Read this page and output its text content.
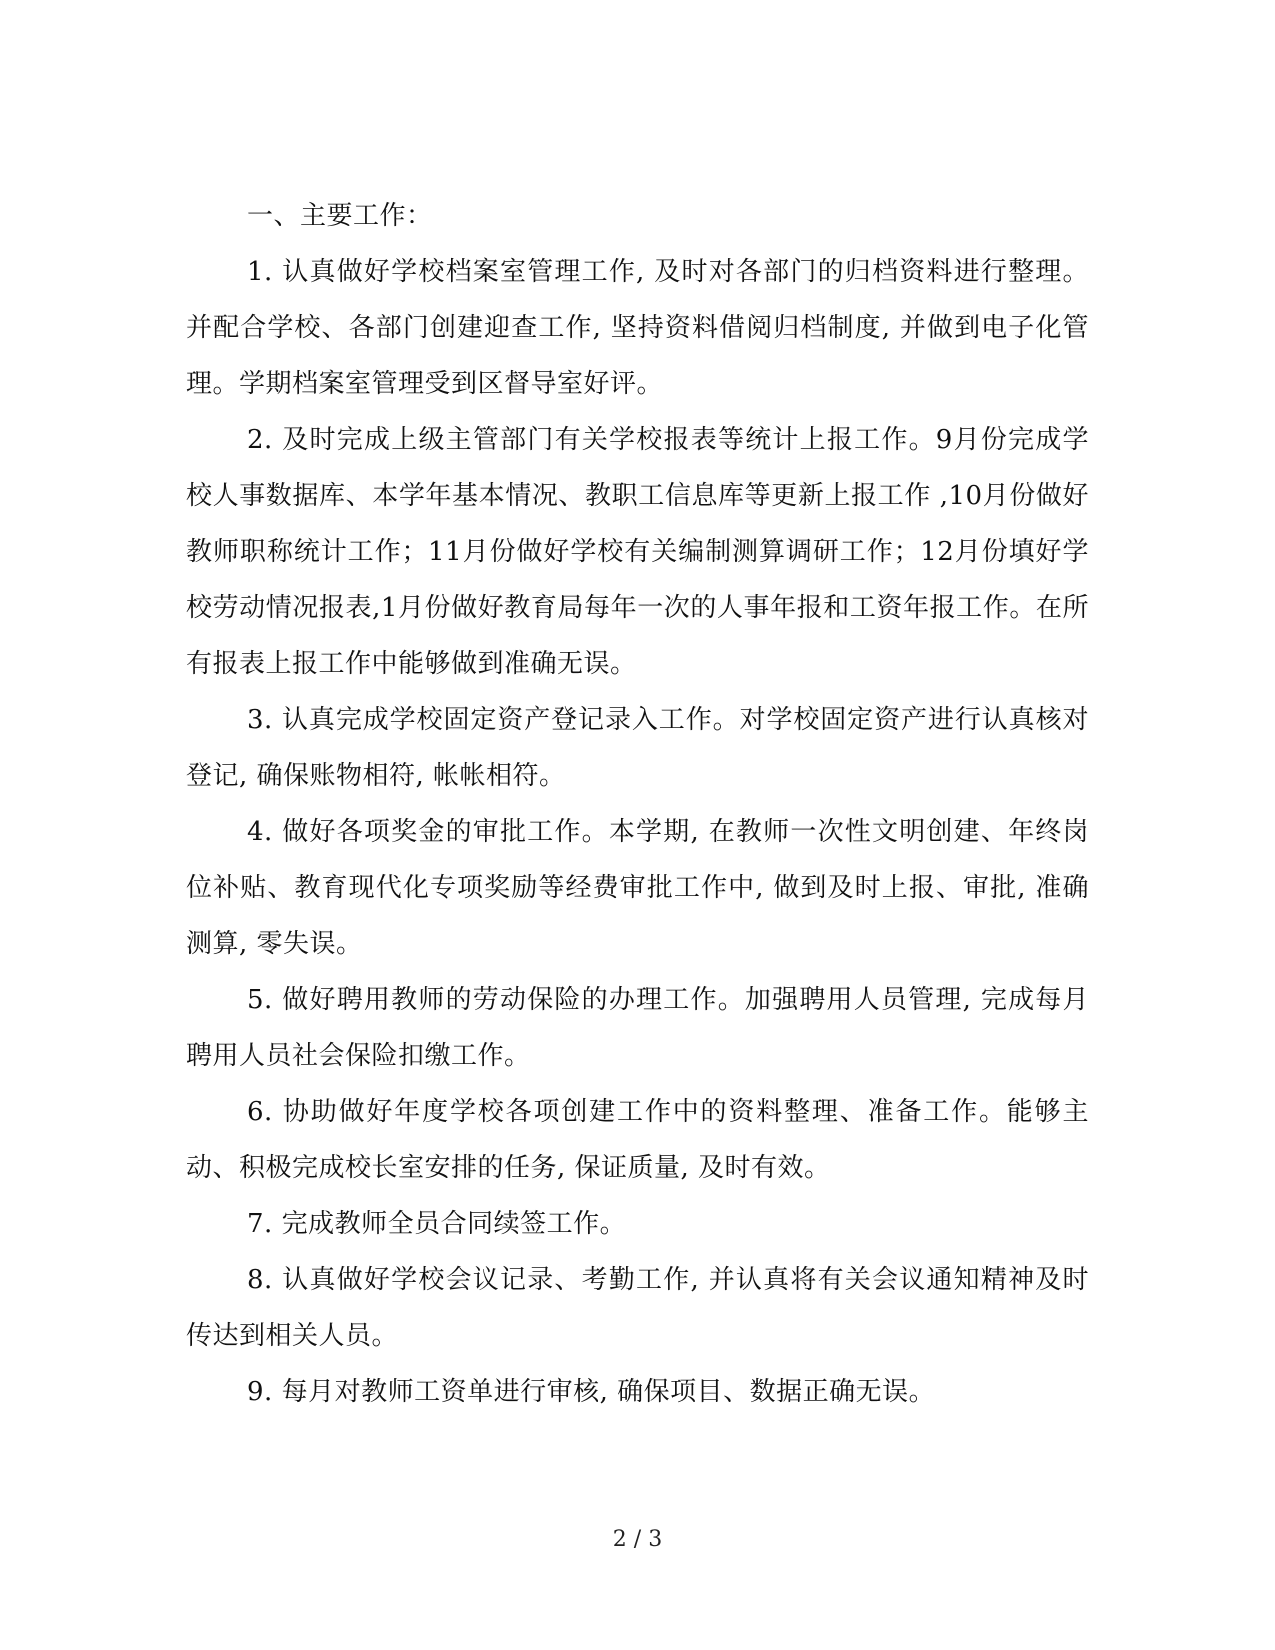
一、主要工作：

1. 认真做好学校档案室管理工作, 及时对各部门的归档资料进行整理。并配合学校、各部门创建迎查工作, 坚持资料借阅归档制度, 并做到电子化管理。学期档案室管理受到区督导室好评。

2. 及时完成上级主管部门有关学校报表等统计上报工作。9月份完成学校人事数据库、本学年基本情况、教职工信息库等更新上报工作 ,10月份做好教师职称统计工作；11月份做好学校有关编制测算调研工作；12月份填好学校劳动情况报表,1月份做好教育局每年一次的人事年报和工资年报工作。在所有报表上报工作中能够做到准确无误。

3. 认真完成学校固定资产登记录入工作。对学校固定资产进行认真核对登记, 确保账物相符, 帐帐相符。

4. 做好各项奖金的审批工作。本学期, 在教师一次性文明创建、年终岗位补贴、教育现代化专项奖励等经费审批工作中, 做到及时上报、审批, 准确测算, 零失误。

5. 做好聘用教师的劳动保险的办理工作。加强聘用人员管理, 完成每月聘用人员社会保险扣缴工作。

6. 协助做好年度学校各项创建工作中的资料整理、准备工作。能够主动、积极完成校长室安排的任务, 保证质量, 及时有效。

7. 完成教师全员合同续签工作。

8. 认真做好学校会议记录、考勤工作, 并认真将有关会议通知精神及时传达到相关人员。

9. 每月对教师工资单进行审核, 确保项目、数据正确无误。

2 / 3
